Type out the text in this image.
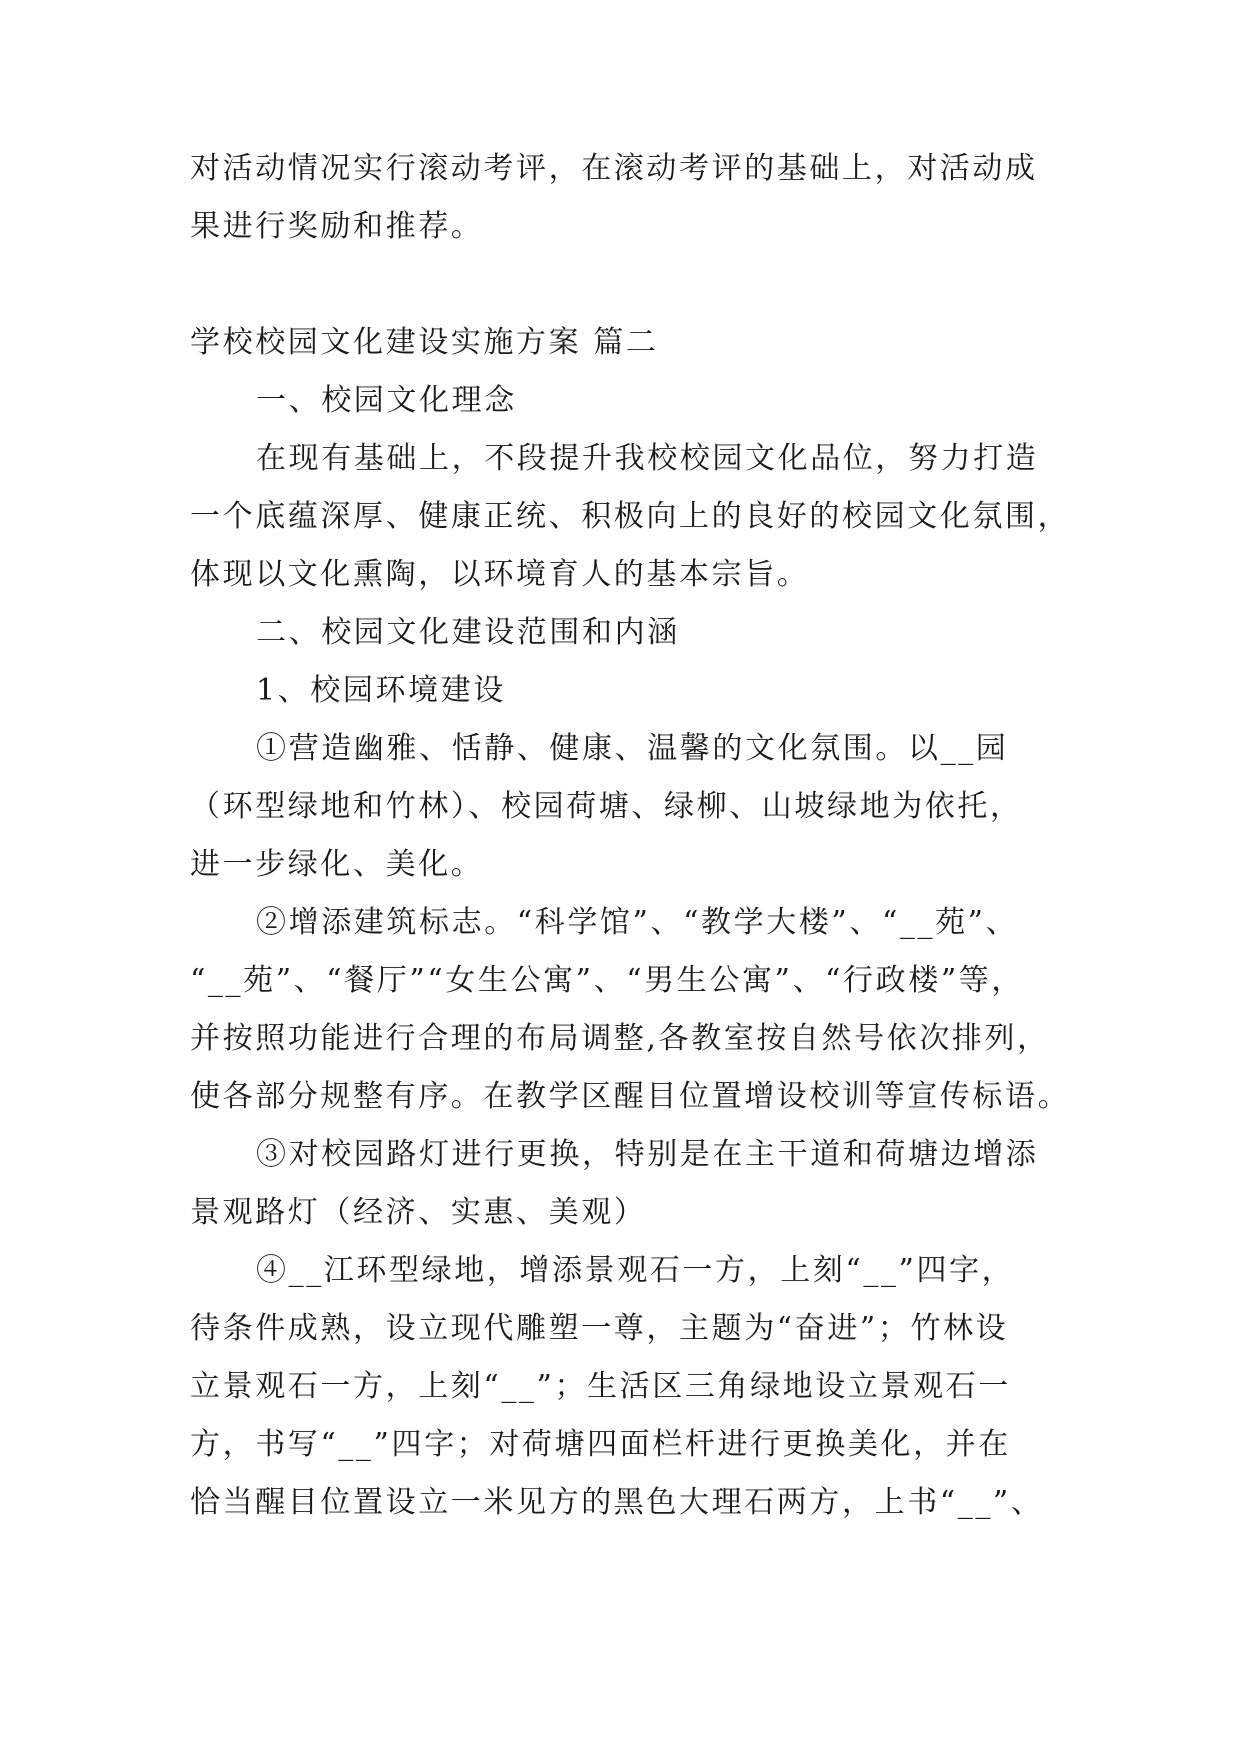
对活动情况实行滚动考评，在滚动考评的基础上，对活动成
果进行奖励和推荐。
学校校园文化建设实施方案 篇二
一、校园文化理念
在现有基础上，不段提升我校校园文化品位，努力打造
一个底蕴深厚、健康正统、积极向上的良好的校园文化氛围，
体现以文化熏陶，以环境育人的基本宗旨。
二、校园文化建设范围和内涵
1、校园环境建设
①营造幽雅、恬静、健康、温馨的文化氛围。以__园
（环型绿地和竹林）、校园荷塘、绿柳、山坡绿地为依托，
进一步绿化、美化。
②增添建筑标志。“科学馆”、“教学大楼”、“__苑”、
“__苑”、“餐厅”“女生公寓”、“男生公寓”、“行政楼”等，
并按照功能进行合理的布局调整,各教室按自然号依次排列，
使各部分规整有序。在教学区醒目位置增设校训等宣传标语。
③对校园路灯进行更换，特别是在主干道和荷塘边增添
景观路灯（经济、实惠、美观）
④__江环型绿地，增添景观石一方，上刻“__”四字，
待条件成熟，设立现代雕塑一尊，主题为“奋进”；竹林设
立景观石一方，上刻“__”；生活区三角绿地设立景观石一
方，书写“__”四字；对荷塘四面栏杆进行更换美化，并在
恰当醒目位置设立一米见方的黑色大理石两方，上书“__”、
